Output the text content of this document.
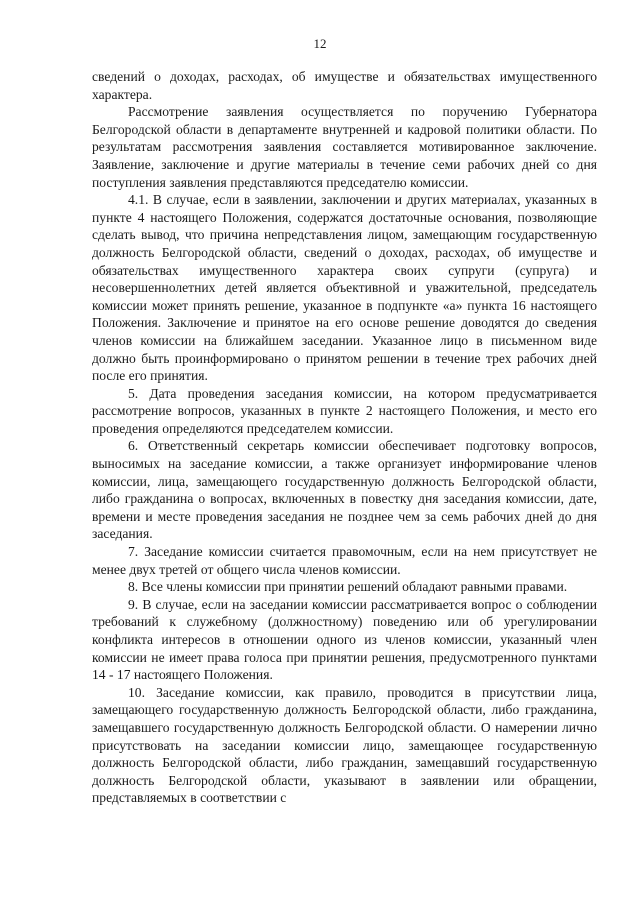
12

сведений о доходах, расходах, об имуществе и обязательствах имущественного характера.

Рассмотрение заявления осуществляется по поручению Губернатора Белгородской области в департаменте внутренней и кадровой политики области. По результатам рассмотрения заявления составляется мотивированное заключение. Заявление, заключение и другие материалы в течение семи рабочих дней со дня поступления заявления представляются председателю комиссии.

4.1. В случае, если в заявлении, заключении и других материалах, указанных в пункте 4 настоящего Положения, содержатся достаточные основания, позволяющие сделать вывод, что причина непредставления лицом, замещающим государственную должность Белгородской области, сведений о доходах, расходах, об имуществе и обязательствах имущественного характера своих супруги (супруга) и несовершеннолетних детей является объективной и уважительной, председатель комиссии может принять решение, указанное в подпункте «а» пункта 16 настоящего Положения. Заключение и принятое на его основе решение доводятся до сведения членов комиссии на ближайшем заседании. Указанное лицо в письменном виде должно быть проинформировано о принятом решении в течение трех рабочих дней после его принятия.

5. Дата проведения заседания комиссии, на котором предусматривается рассмотрение вопросов, указанных в пункте 2 настоящего Положения, и место его проведения определяются председателем комиссии.

6. Ответственный секретарь комиссии обеспечивает подготовку вопросов, выносимых на заседание комиссии, а также организует информирование членов комиссии, лица, замещающего государственную должность Белгородской области, либо гражданина о вопросах, включенных в повестку дня заседания комиссии, дате, времени и месте проведения заседания не позднее чем за семь рабочих дней до дня заседания.

7. Заседание комиссии считается правомочным, если на нем присутствует не менее двух третей от общего числа членов комиссии.

8. Все члены комиссии при принятии решений обладают равными правами.

9. В случае, если на заседании комиссии рассматривается вопрос о соблюдении требований к служебному (должностному) поведению или об урегулировании конфликта интересов в отношении одного из членов комиссии, указанный член комиссии не имеет права голоса при принятии решения, предусмотренного пунктами 14 - 17 настоящего Положения.

10. Заседание комиссии, как правило, проводится в присутствии лица, замещающего государственную должность Белгородской области, либо гражданина, замещавшего государственную должность Белгородской области. О намерении лично присутствовать на заседании комиссии лицо, замещающее государственную должность Белгородской области, либо гражданин, замещавший государственную должность Белгородской области, указывают в заявлении или обращении, представляемых в соответствии с
